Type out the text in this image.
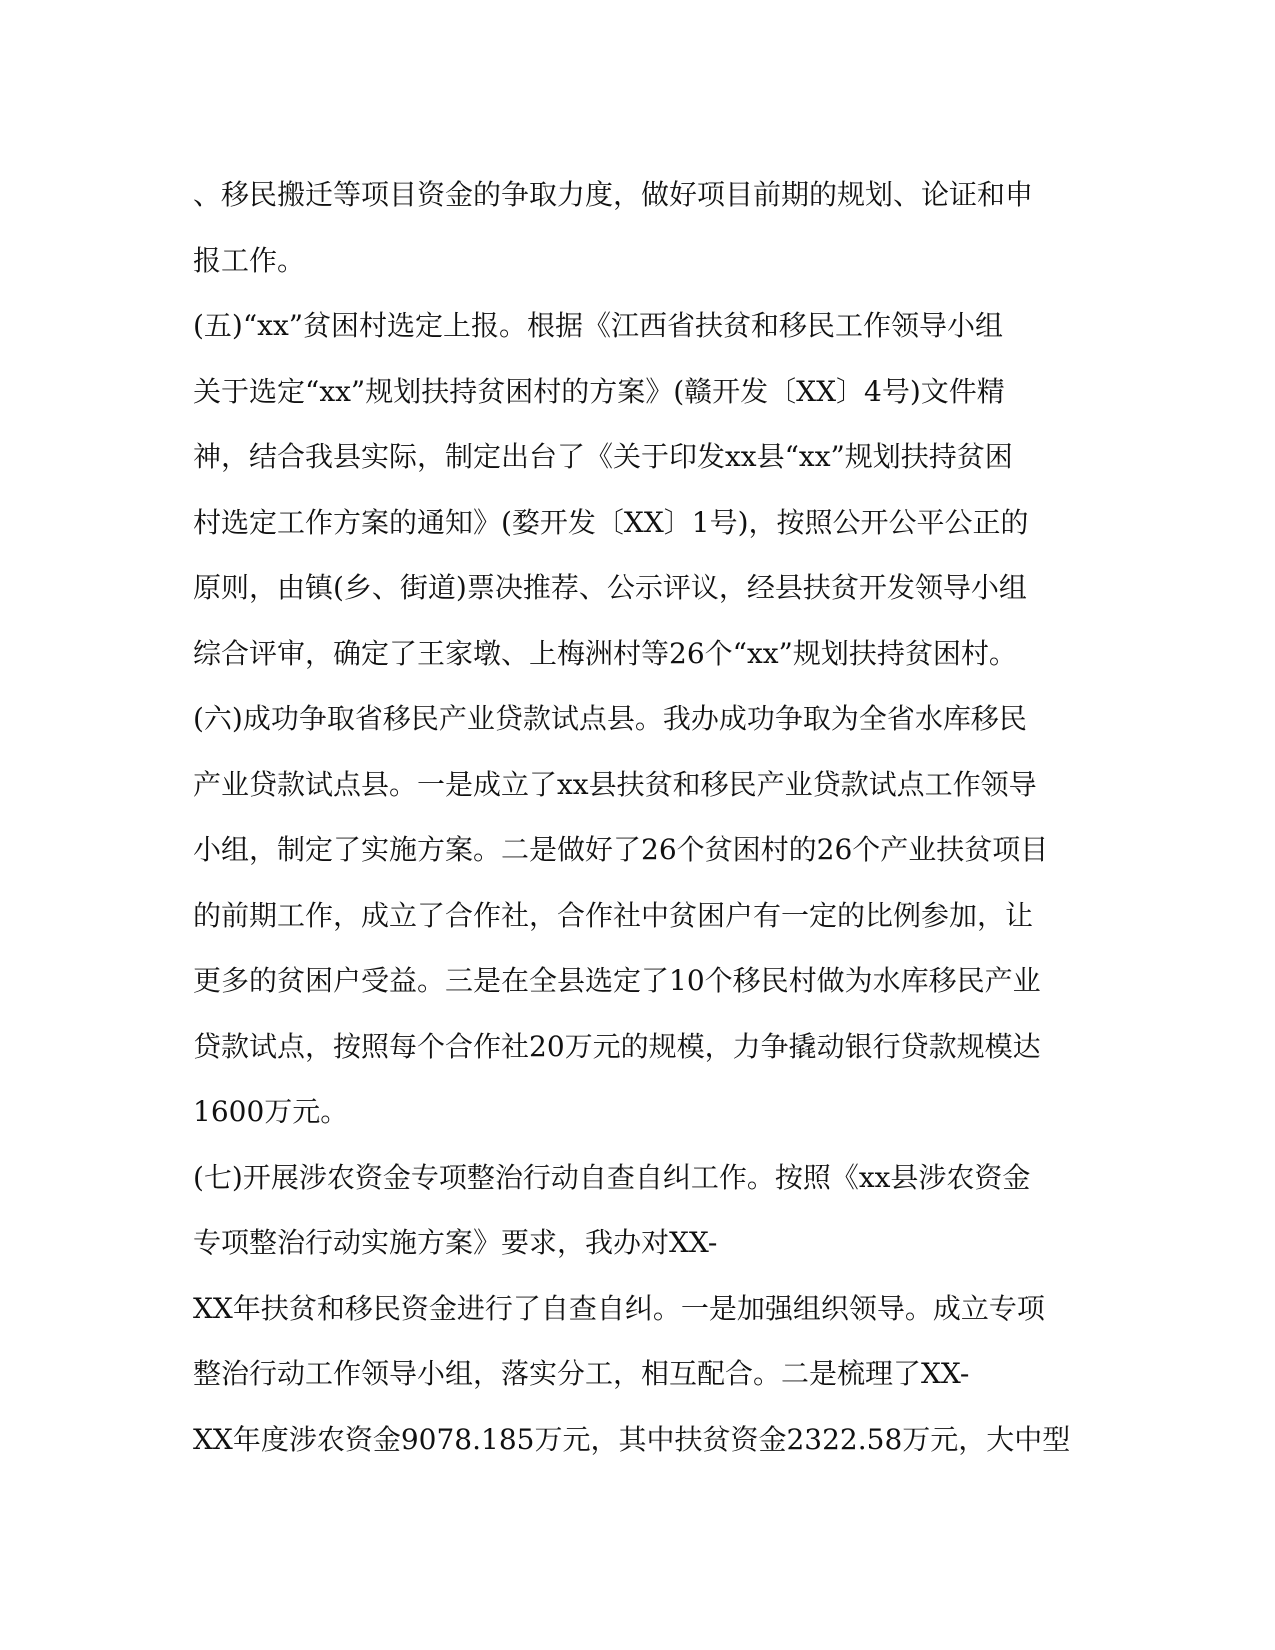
、移民搬迁等项目资金的争取力度，做好项目前期的规划、论证和申
报工作。
(五)“xx”贫困村选定上报。根据《江西省扶贫和移民工作领导小组
关于选定“xx”规划扶持贫困村的方案》(赣开发〔XX〕4号)文件精
神，结合我县实际，制定出台了《关于印发xx县“xx”规划扶持贫困
村选定工作方案的通知》(婺开发〔XX〕1号)，按照公开公平公正的
原则，由镇(乡、街道)票决推荐、公示评议，经县扶贫开发领导小组
综合评审，确定了王家墩、上梅洲村等26个“xx”规划扶持贫困村。
(六)成功争取省移民产业贷款试点县。我办成功争取为全省水库移民
产业贷款试点县。一是成立了xx县扶贫和移民产业贷款试点工作领导
小组，制定了实施方案。二是做好了26个贫困村的26个产业扶贫项目
的前期工作，成立了合作社，合作社中贫困户有一定的比例参加，让
更多的贫困户受益。三是在全县选定了10个移民村做为水库移民产业
贷款试点，按照每个合作社20万元的规模，力争撬动银行贷款规模达
1600万元。
(七)开展涉农资金专项整治行动自查自纠工作。按照《xx县涉农资金
专项整治行动实施方案》要求，我办对XX-
XX年扶贫和移民资金进行了自查自纠。一是加强组织领导。成立专项
整治行动工作领导小组，落实分工，相互配合。二是梳理了XX-
XX年度涉农资金9078.185万元，其中扶贫资金2322.58万元，大中型
